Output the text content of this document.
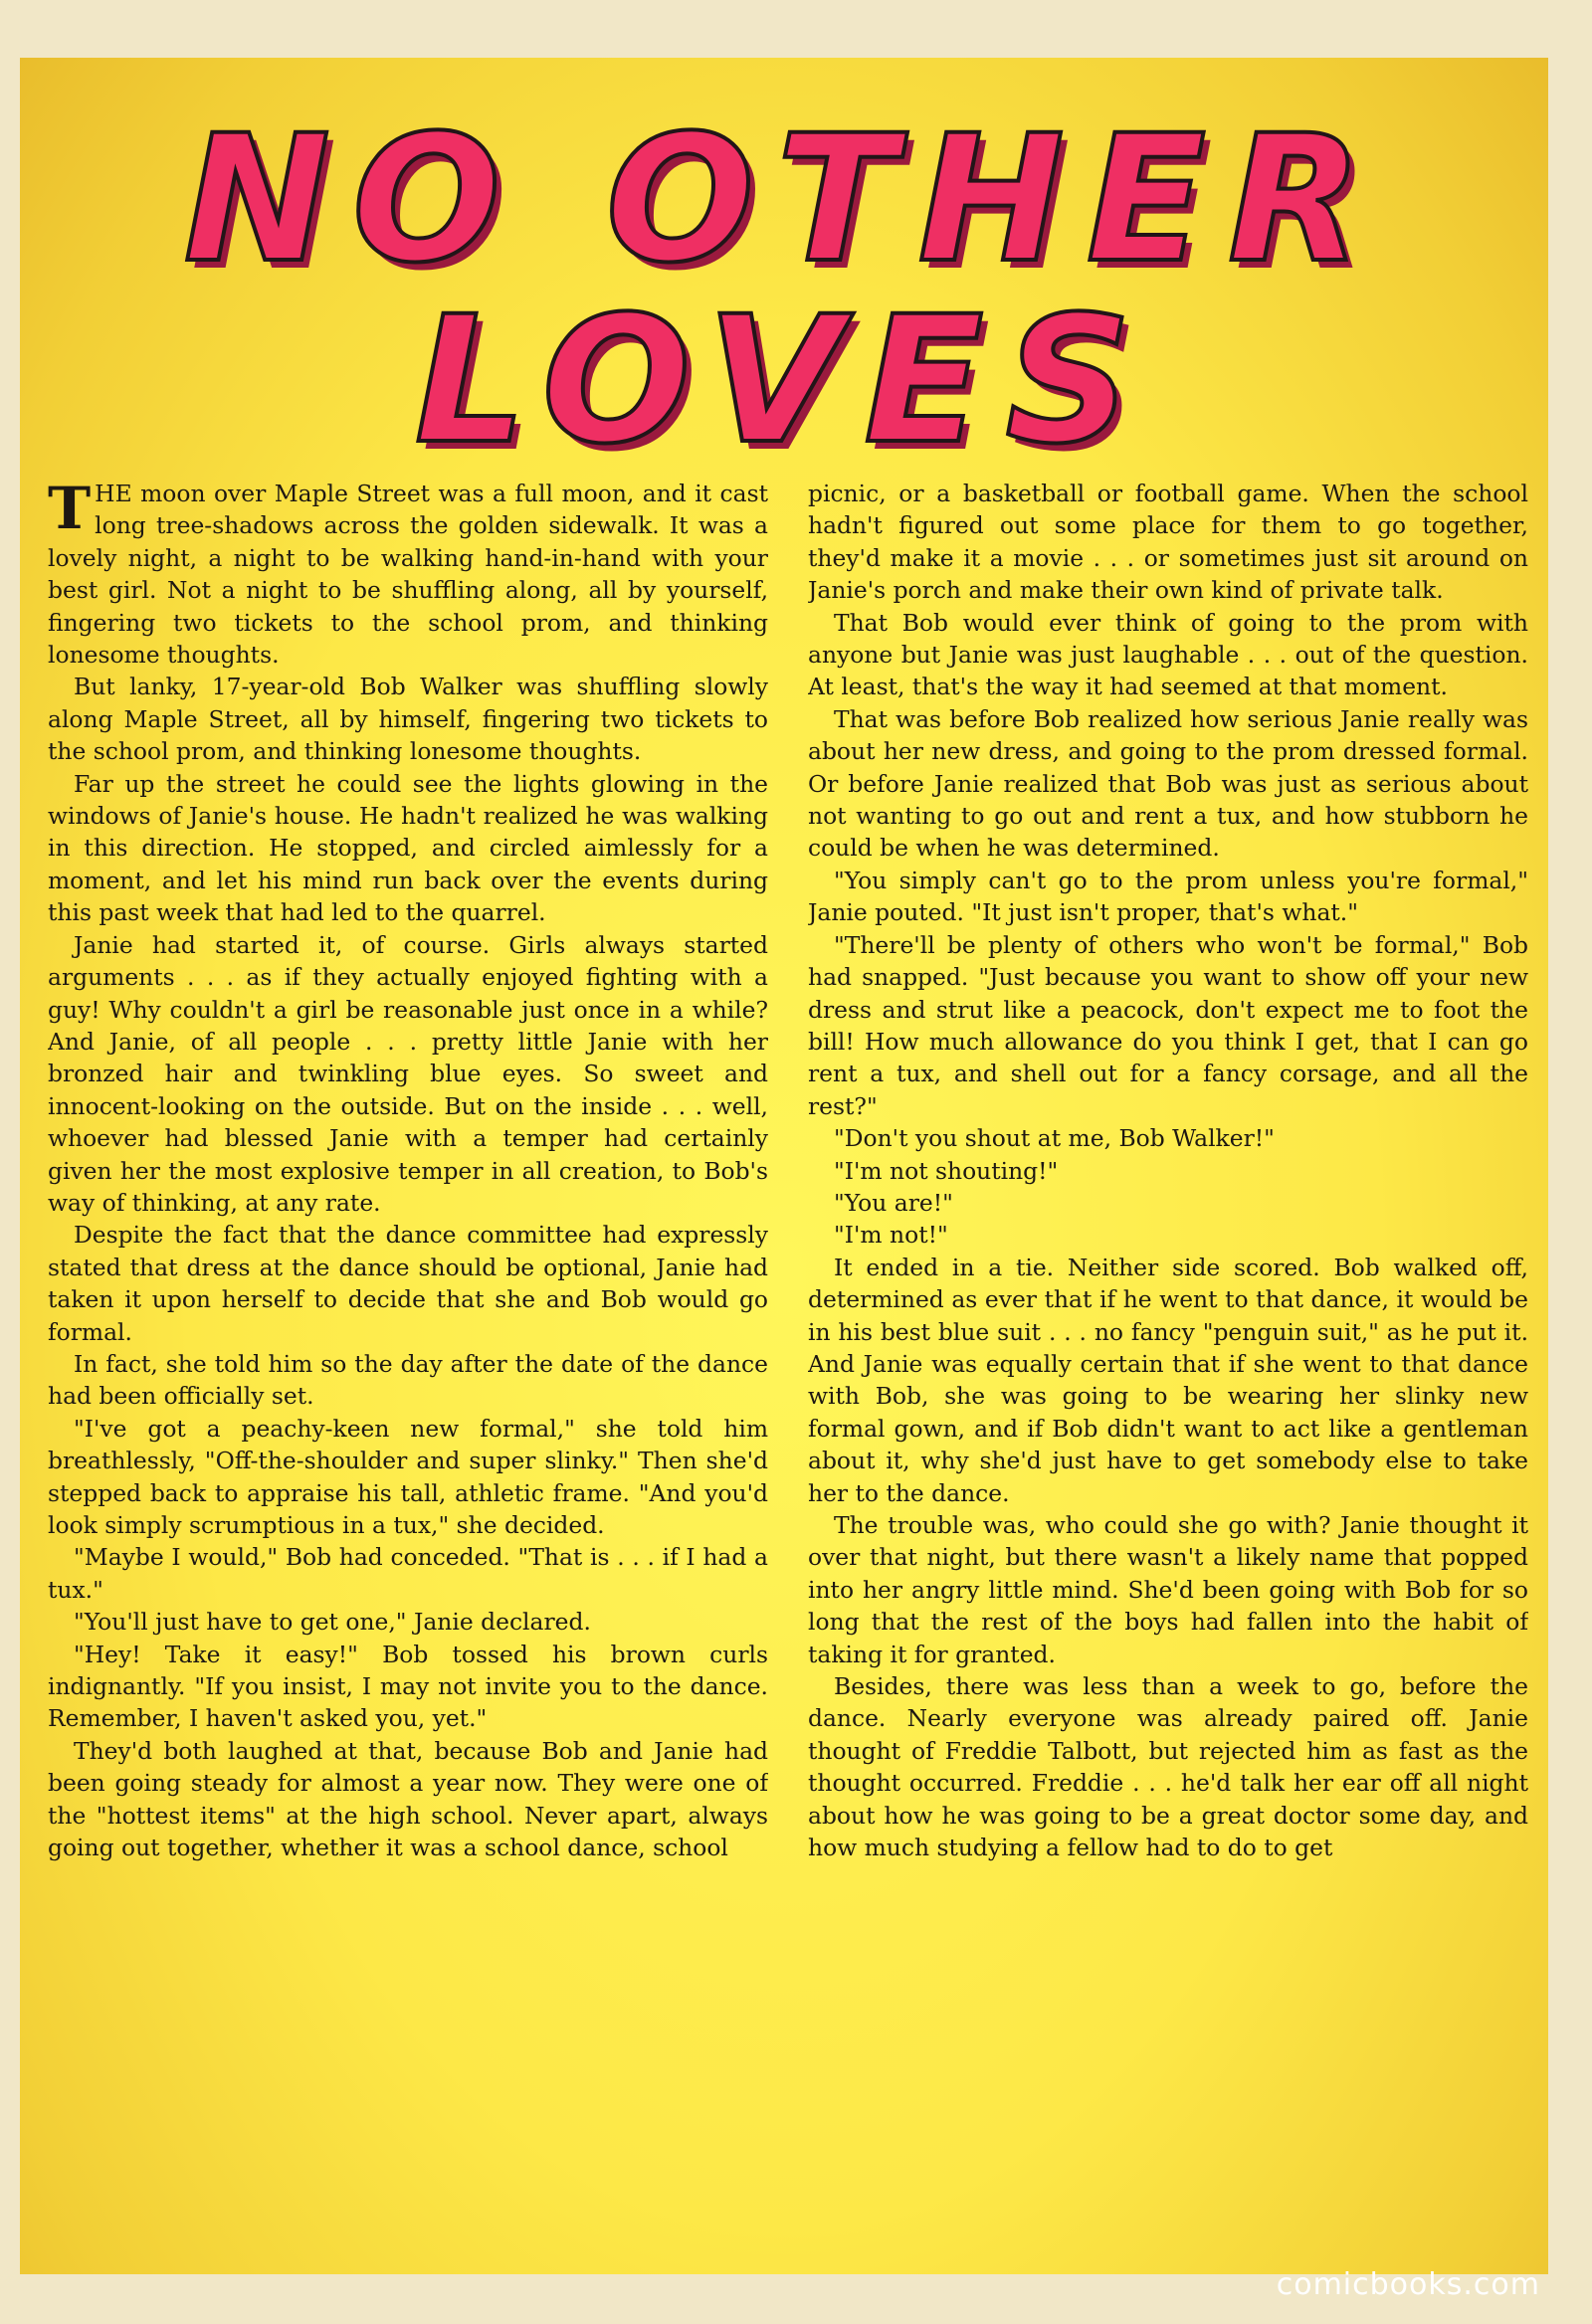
NO OTHER
LOVES

THE moon over Maple Street was a full moon, and it cast long tree-shadows across the golden sidewalk. It was a lovely night, a night to be walking hand-in-hand with your best girl. Not a night to be shuffling along, all by yourself, fingering two tickets to the school prom, and thinking lonesome thoughts.

But lanky, 17-year-old Bob Walker was shuffling slowly along Maple Street, all by himself, fingering two tickets to the school prom, and thinking lonesome thoughts.

Far up the street he could see the lights glowing in the windows of Janie's house. He hadn't realized he was walking in this direction. He stopped, and circled aimlessly for a moment, and let his mind run back over the events during this past week that had led to the quarrel.

Janie had started it, of course. Girls always started arguments . . . as if they actually enjoyed fighting with a guy! Why couldn't a girl be reasonable just once in a while? And Janie, of all people . . . pretty little Janie with her bronzed hair and twinkling blue eyes. So sweet and innocent-looking on the outside. But on the inside . . . well, whoever had blessed Janie with a temper had certainly given her the most explosive temper in all creation, to Bob's way of thinking, at any rate.

Despite the fact that the dance committee had expressly stated that dress at the dance should be optional, Janie had taken it upon herself to decide that she and Bob would go formal.

In fact, she told him so the day after the date of the dance had been officially set.

"I've got a peachy-keen new formal," she told him breathlessly, "Off-the-shoulder and super slinky." Then she'd stepped back to appraise his tall, athletic frame. "And you'd look simply scrumptious in a tux," she decided.

"Maybe I would," Bob had conceded. "That is . . . if I had a tux."

"You'll just have to get one," Janie declared.

"Hey! Take it easy!" Bob tossed his brown curls indignantly. "If you insist, I may not invite you to the dance. Remember, I haven't asked you, yet."

They'd both laughed at that, because Bob and Janie had been going steady for almost a year now. They were one of the "hottest items" at the high school. Never apart, always going out together, whether it was a school dance, school

picnic, or a basketball or football game. When the school hadn't figured out some place for them to go together, they'd make it a movie . . . or sometimes just sit around on Janie's porch and make their own kind of private talk.

That Bob would ever think of going to the prom with anyone but Janie was just laughable . . . out of the question. At least, that's the way it had seemed at that moment.

That was before Bob realized how serious Janie really was about her new dress, and going to the prom dressed formal. Or before Janie realized that Bob was just as serious about not wanting to go out and rent a tux, and how stubborn he could be when he was determined.

"You simply can't go to the prom unless you're formal," Janie pouted. "It just isn't proper, that's what."

"There'll be plenty of others who won't be formal," Bob had snapped. "Just because you want to show off your new dress and strut like a peacock, don't expect me to foot the bill! How much allowance do you think I get, that I can go rent a tux, and shell out for a fancy corsage, and all the rest?"

"Don't you shout at me, Bob Walker!"

"I'm not shouting!"

"You are!"

"I'm not!"

It ended in a tie. Neither side scored. Bob walked off, determined as ever that if he went to that dance, it would be in his best blue suit . . . no fancy "penguin suit," as he put it. And Janie was equally certain that if she went to that dance with Bob, she was going to be wearing her slinky new formal gown, and if Bob didn't want to act like a gentleman about it, why she'd just have to get somebody else to take her to the dance.

The trouble was, who could she go with? Janie thought it over that night, but there wasn't a likely name that popped into her angry little mind. She'd been going with Bob for so long that the rest of the boys had fallen into the habit of taking it for granted.

Besides, there was less than a week to go, before the dance. Nearly everyone was already paired off. Janie thought of Freddie Talbott, but rejected him as fast as the thought occurred. Freddie . . . he'd talk her ear off all night about how he was going to be a great doctor some day, and how much studying a fellow had to do to get

comicbooks.com
